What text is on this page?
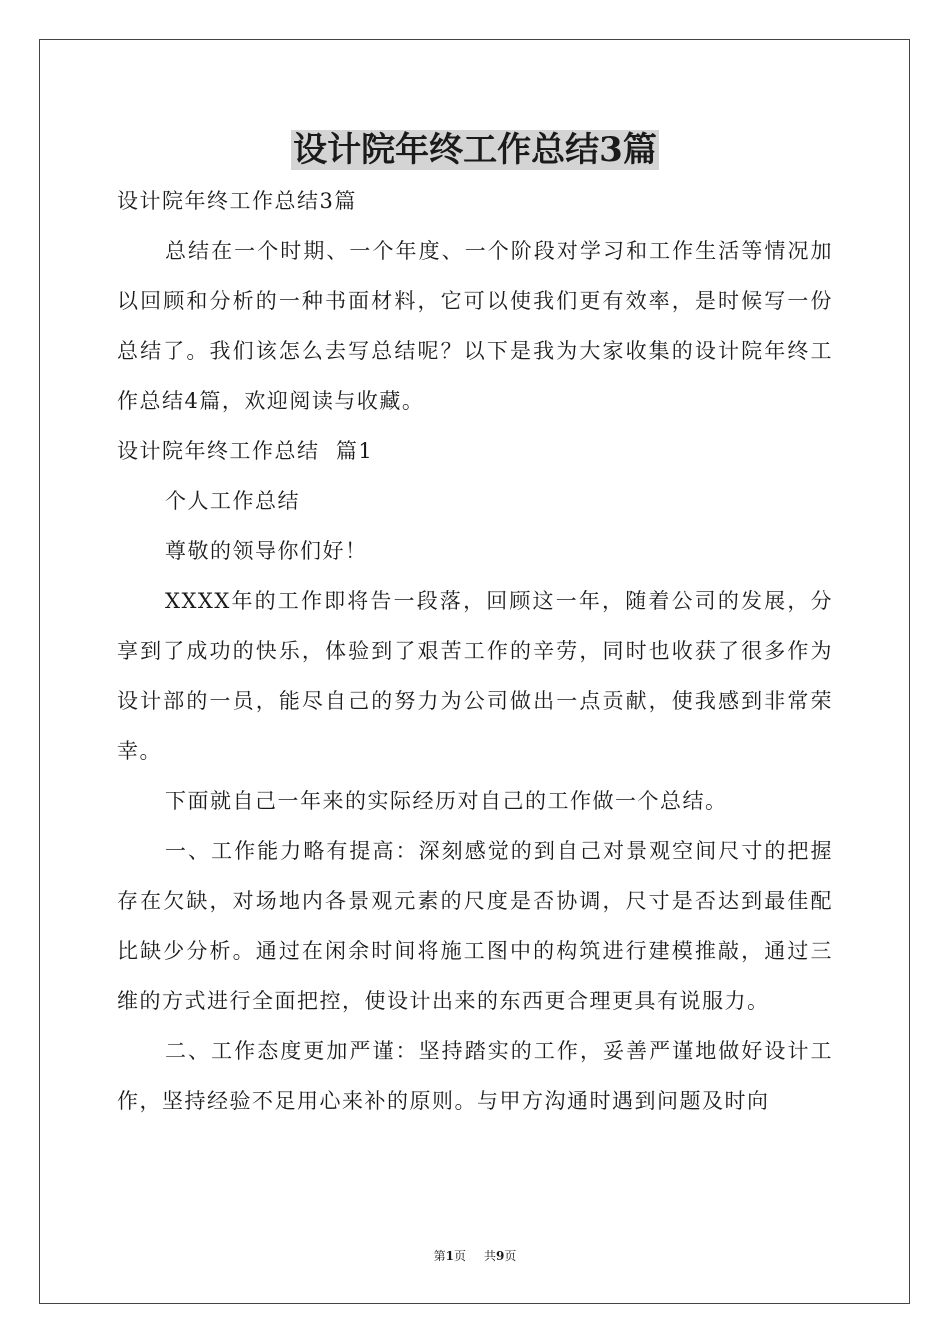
设计院年终工作总结3篇

设计院年终工作总结3篇

总结在一个时期、一个年度、一个阶段对学习和工作生活等情况加以回顾和分析的一种书面材料，它可以使我们更有效率，是时候写一份总结了。我们该怎么去写总结呢？以下是我为大家收集的设计院年终工作总结4篇，欢迎阅读与收藏。

设计院年终工作总结  篇1

个人工作总结

尊敬的领导你们好！

XXXX年的工作即将告一段落，回顾这一年，随着公司的发展，分享到了成功的快乐，体验到了艰苦工作的辛劳，同时也收获了很多作为设计部的一员，能尽自己的努力为公司做出一点贡献，使我感到非常荣幸。

下面就自己一年来的实际经历对自己的工作做一个总结。

一、工作能力略有提高：深刻感觉的到自己对景观空间尺寸的把握存在欠缺，对场地内各景观元素的尺度是否协调，尺寸是否达到最佳配比缺少分析。通过在闲余时间将施工图中的构筑进行建模推敲，通过三维的方式进行全面把控，使设计出来的东西更合理更具有说服力。

二、工作态度更加严谨：坚持踏实的工作，妥善严谨地做好设计工作，坚持经验不足用心来补的原则。与甲方沟通时遇到问题及时向

第1页 共9页
